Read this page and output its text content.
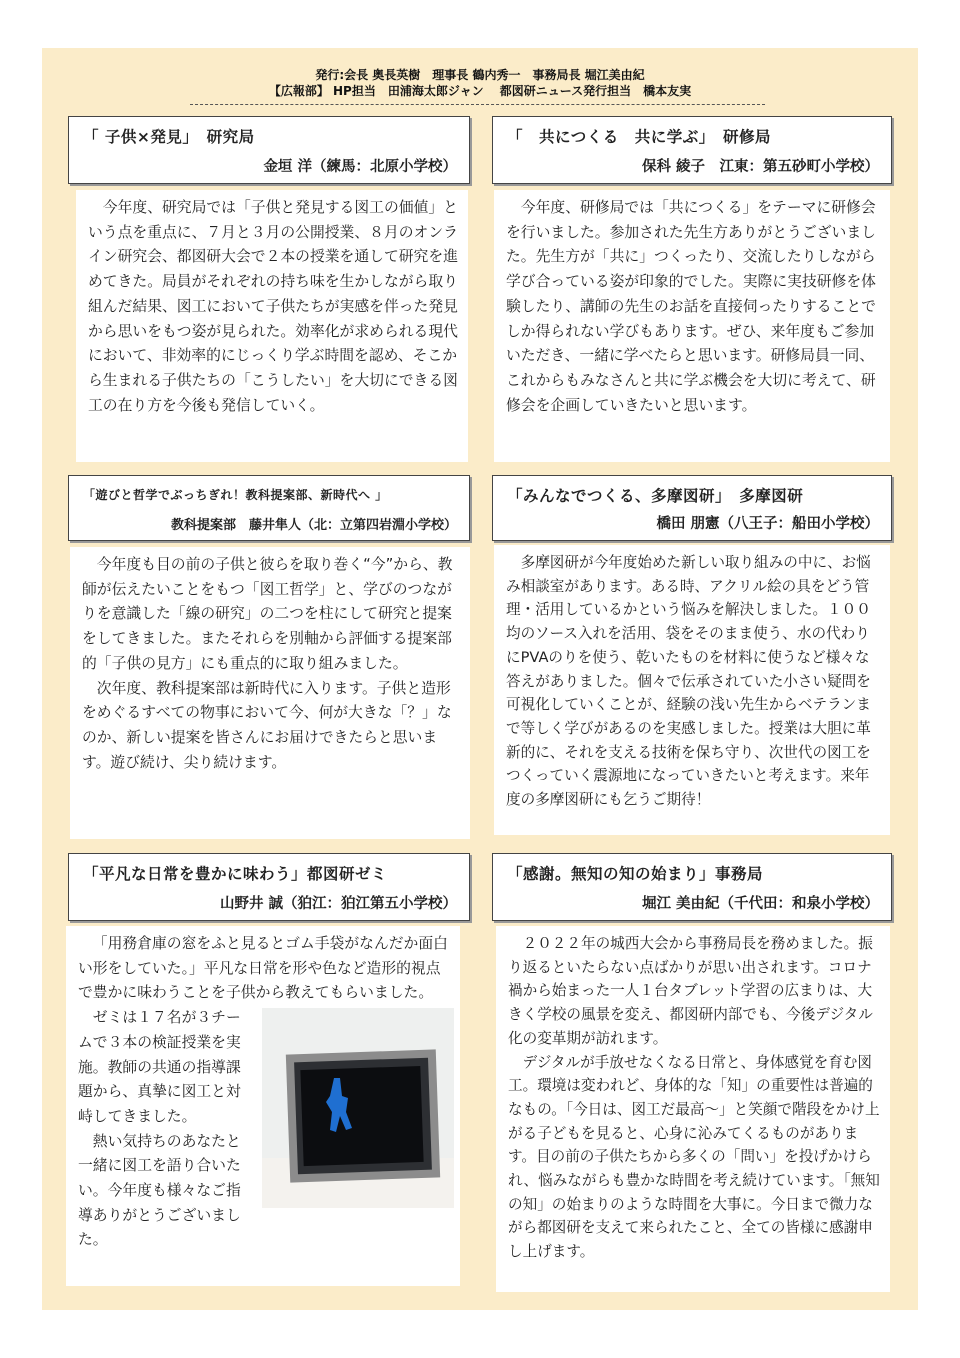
発行:会長 奥長英樹　理事長 鶴内秀一　事務局長 堀江美由紀
【広報部】 HP担当　田浦海太郎ジャン　 都図研ニュース発行担当　橋本友実
「 子供×発見」　研究局
金垣 洋（練馬：北原小学校）

今年度、研究局では「子供と発見する図工の価値」という点を重点に、７月と３月の公開授業、８月のオンライン研究会、都図研大会で２本の授業を通して研究を進めてきた。局員がそれぞれの持ち味を生かしながら取り組んだ結果、図工において子供たちが実感を伴った発見から思いをもつ姿が見られた。効率化が求められる現代において、非効率的にじっくり学ぶ時間を認め、そこから生まれる子供たちの「こうしたい」を大切にできる図工の在り方を今後も発信していく。

「　共につくる　共に学ぶ」　研修局
保科 綾子　江東：第五砂町小学校）

今年度、研修局では「共につくる」をテーマに研修会を行いました。参加された先生方ありがとうございました。先生方が「共に」つくったり、交流したりしながら学び合っている姿が印象的でした。実際に実技研修を体験したり、講師の先生のお話を直接伺ったりすることでしか得られない学びもあります。ぜひ、来年度もご参加いただき、一緒に学べたらと思います。研修局員一同、これからもみなさんと共に学ぶ機会を大切に考えて、研修会を企画していきたいと思います。

「遊びと哲学でぶっちぎれ！教科提案部、新時代へ 」
教科提案部　藤井隼人（北：立第四岩淵小学校）

今年度も目の前の子供と彼らを取り巻く“今”から、教師が伝えたいことをもつ「図工哲学」と、学びのつながりを意識した「線の研究」の二つを柱にして研究と提案をしてきました。またそれらを別軸から評価する提案部的「子供の見方」にも重点的に取り組みました。

次年度、教科提案部は新時代に入ります。子供と造形をめぐるすべての物事において今、何が大きな「？」なのか、新しい提案を皆さんにお届けできたらと思います。遊び続け、尖り続けます。

「みんなでつくる、多摩図研」　多摩図研
橋田 朋憲（八王子：船田小学校）

多摩図研が今年度始めた新しい取り組みの中に、お悩み相談室があります。ある時、アクリル絵の具をどう管理・活用しているかという悩みを解決しました。１００均のソース入れを活用、袋をそのまま使う、水の代わりにPVAのりを使う、乾いたものを材料に使うなど様々な答えがありました。個々で伝承されていた小さい疑問を可視化していくことが、経験の浅い先生からベテランまで等しく学びがあるのを実感しました。授業は大胆に革新的に、それを支える技術を保ち守り、次世代の図工をつくっていく震源地になっていきたいと考えます。来年度の多摩図研にも乞うご期待！

「平凡な日常を豊かに味わう」都図研ゼミ
山野井 誠（狛江：狛江第五小学校）

「用務倉庫の窓をふと見るとゴム手袋がなんだか面白い形をしていた。」平凡な日常を形や色など造形的視点で豊かに味わうことを子供から教えてもらいました。

ゼミは１７名が３チームで３本の検証授業を実施。教師の共通の指導課題から、真摯に図工と対峙してきました。

熱い気持ちのあなたと一緒に図工を語り合いたい。今年度も様々なご指導ありがとうございました。

「感謝。無知の知の始まり」事務局
堀江 美由紀（千代田：和泉小学校）

２０２２年の城西大会から事務局長を務めました。振り返るといたらない点ばかりが思い出されます。コロナ禍から始まった一人１台タブレット学習の広まりは、大きく学校の風景を変え、都図研内部でも、今後デジタル化の変革期が訪れます。

デジタルが手放せなくなる日常と、身体感覚を育む図工。環境は変われど、身体的な「知」の重要性は普遍的なもの。「今日は、図工だ最高〜」と笑顔で階段をかけ上がる子どもを見ると、心身に沁みてくるものがあります。目の前の子供たちから多くの「問い」を投げかけられ、悩みながらも豊かな時間を考え続けています。「無知の知」の始まりのような時間を大事に。今日まで微力ながら都図研を支えて来られたこと、全ての皆様に感謝申し上げます。
